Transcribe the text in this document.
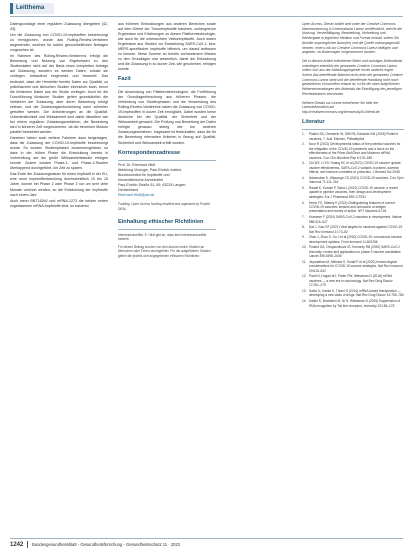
Leitthema

Datengrundlage einer regulären Zulassung übergeben [42, 43].

Um die Zulassung von COVID-19-Impfstoffen beschleunigt zu ermöglichen, wurde das Rolling-Review-Verfahren angewendet, welches für solche gesundheitlichen Notlagen vorgesehen ist.

Im Rahmen des Rolling-Review-Verfahrens erfolgt die Bewertung und Nutzung von Ergebnissen zu den Studiendaten nicht auf der Basis eines kompletten Antrags auf Zulassung, sondern es werden Daten, sobald sie vorliegen, fortlaufend eingereicht und bewertet. Das bedeutet, dass der Hersteller bereits Daten zur Qualität, zu präklinischen und klinischen Studien einreichen kann, bevor die klinischen Daten aus der Studie vorliegen. Auch für die Durchführung klinischer Studien gelten grundsätzlich die Verfahren der Zulassung, aber deren Bewertung erfolgt zeitnah, und die Zulassungsentscheidung kann schneller getroffen werden. Die Anforderungen an die Qualität, Unbedenklichkeit und Wirksamkeit sind dabei dieselben wie bei einem regulären Zulassungsverfahren, die Bewertung wird in kürzerer Zeit vorgenommen, da die einzelnen Module parallel bearbeitet werden.

Daneben haben auch weitere Faktoren dazu beigetragen, dass die Zulassung der COVID-19-Impfstoffe beschleunigt wurde. So wurden Studienphasen zusammengefasst, so dass in der frühen Phase die Entwicklung bereits in Vorbereitung auf die große Wirksamkeitsstudie erfolgen konnte. Zudem wurden Phase-1- und Phase-2-Studien überlappend durchgeführt, um Zeit zu sparen.

Das Ende der Zulassungsdauer für einen Impfstoff in der EU, eine neue Impfstoffentwicklung durchschnittlich 10 bis 15 Jahre, konnte bei Phase 2 oder Phase 3 nur um sehr viele Monate verkürzt werden, so die Entwicklung der Impfstoffe nach einem Jahr.

Auch wenn BNT162b2 und mRNA-1273 die beiden ersten zugelassenen mRNA-Impfstoffe sind, so basieren

aus früheren Entwicklungen aus anderen Bereichen sowie auf dem Gebiet der Tumorimpfstoffe basieren, umfangreiche Ergebnisse und Erfahrungen zu diesen Plattformtechnologie, wie auch für die untersuchten Vektorimpfstoffe. Auch waren Ergebnisse aus Studien zur Entwicklung SARS-CoV-1- bzw. MERS-spezifischer Impfstoffe hilfreich, um darauf aufbauen zu können. Diese Summe an bereits vorhandenem Wissen zu den Grundlagen war wesentlich, damit die Entwicklung und die Zulassung in so kurzer Zeit, wie geschehen, erfolgen konnte.

Fazit

Die Anwendung von Plattformtechnologien, die Fortführung der Grundlagenforschung aus früheren Phasen, die Verbindung von Studienphasen und die Verwendung des Rolling-Review-Verfahrens haben die Zulassung von COVID-19-Impfstoffen in kurzer Zeit ermöglicht. Dabei wurden keine Abstriche bei der Qualität, der Sicherheit und der Wirksamkeit gemacht. Die Prüfung und Bewertung der Daten erfolgte genauso streng wie bei anderen Zulassungsverfahren. Insgesamt ist festzuhalten, dass die für die Bewertung relevanten Kriterien in Bezug auf Qualität, Sicherheit und Wirksamkeit erfüllt wurden.

Korrespondenzadresse
Prof. Dr. Eberhard Hildt
Abteilung Virologie, Paul-Ehrlich-Institut,
Bundesinstitut für Impfstoffe und
biomedizinische Arzneimittel
Paul-Ehrlich-Straße 51–59, 63225 Langen,
Deutschland
Eberhard.Hildt@pei.de
Funding. Open Access funding enabled and organized by Projekt DEAL.
Einhaltung ethischer Richtlinien

Interessenkonflikt. E. Hildt gibt an, dass kein Interessenkonflikt besteht.

Für diesen Beitrag wurden von den Autoren keine Studien an Menschen oder Tieren durchgeführt. Für die aufgeführten Studien gelten die jeweils dort angegebenen ethischen Richtlinien.

Open Access. Dieser Artikel wird unter der Creative Commons Namensnennung 4.0 International Lizenz veröffentlicht, welche die Nutzung, Vervielfältigung, Bearbeitung, Verbreitung und Wiedergabe in jeglichem Medium und Format erlaubt, sofern Sie den/die ursprünglichen Autor(en) und die Quelle ordnungsgemäß nennen, einen Link zur Creative Commons Lizenz beifügen und angeben, ob Änderungen vorgenommen wurden.

Die in diesem Artikel enthaltenen Bilder und sonstiges Drittmaterial unterliegen ebenfalls der genannten Creative Commons Lizenz, sofern sich aus der Abbildungslegende nichts anderes ergibt. Sofern das betreffende Material nicht unter der genannten Creative Commons Lizenz steht und die betreffende Handlung nicht nach gesetzlichen Vorschriften erlaubt ist, ist für die oben aufgeführten Weiterverwendungen des Materials die Einwilligung des jeweiligen Rechteinhabers einzuholen.

Weitere Details zur Lizenz entnehmen Sie bitte der Lizenzinformation auf http://creativecommons.org/licenses/by/4.0/deed.de.

Literatur
1.	Plotkin SA, Orenstein W, Offit PA, Edwards KM (2018) Plotkin's vaccines, 7. Aufl. Elsevier, Philadelphia
2.	Noor R (2021) Developmental status of the potential vaccines for the mitigation of the COVID-19 pandemic and a focus on the effectiveness of the Pfizer-BioNTech and Moderna mRNA vaccines. Curr Clin Microbiol Rep 8:178–185
3.	Chi WY, Li YD, Huang HC et al (2022) COVID-19 vaccine update: vaccine effectiveness, SARS-CoV-2 variants, boosters, adverse effects, and immune correlates of protection. J Biomed Sci 29:82
4.	Ndwandwe D, Wiysonge CS (2021) COVID-19 vaccines. Curr Opin Immunol 71:111–116
5.	Rawat K, Kumari P, Saha L (2021) COVID-19 vaccine: a recent update in pipeline vaccines, their design and development strategies. Eur J Pharmacol 892:173751
6.	Heinz FX, Stiasny K (2021) Distinguishing features of current COVID-19 vaccines: knowns and unknowns of antigen presentation and modes of action. NPJ Vaccines 6:104
7.	Krammer F (2020) SARS-CoV-2 vaccines in development. Nature 586:516–527
8.	Dai L, Gao GF (2021) Viral targets for vaccines against COVID-19. Nat Rev Immunol 21:73–82
9.	Zhao J, Zhao S, Ou J et al (2020) COVID-19: coronavirus vaccine development updates. Front Immunol 11:602256
10. Poland GA, Ovsyannikova IG, Kennedy RB (2020) SARS-CoV-2 immunity: review and applications to phase 3 vaccine candidates. Lancet 396:1595–1606
11. Jeyanathan M, Afkhami S, Smaill F et al (2020) Immunological considerations for COVID-19 vaccine strategies. Nat Rev Immunol 20:615–632
12. Pardi N, Hogan MJ, Porter FW, Weissman D (2018) mRNA vaccines — a new era in vaccinology. Nat Rev Drug Discov 17:261–279
13. Sahin U, Karikó K, Türeci Ö (2014) mRNA-based therapeutics — developing a new class of drugs. Nat Rev Drug Discov 13:759–780
14. Karikó K, Buckstein M, Ni H, Weissman D (2005) Suppression of RNA recognition by Toll-like receptors. Immunity 23:165–175
1242 Bundesgesundheitsblatt - Gesundheitsforschung - Gesundheitsschutz 11 · 2022
